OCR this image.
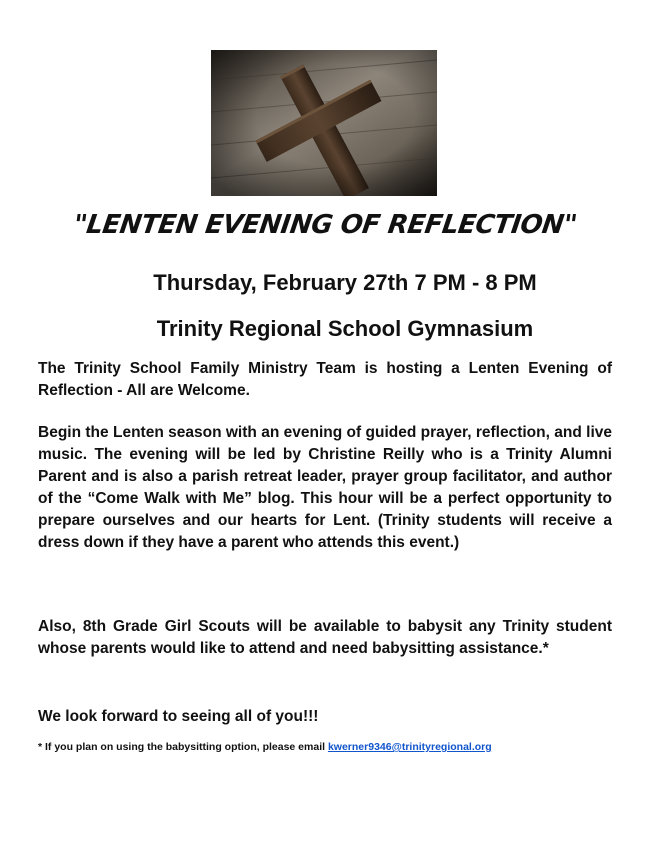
"LENTEN EVENING OF REFLECTION"
Thursday, February 27th 7 PM - 8 PM
Trinity Regional School Gymnasium

The Trinity School Family Ministry Team is hosting a Lenten Evening of Reflection - All are Welcome.

Begin the Lenten season with an evening of guided prayer, reflection, and live music. The evening will be led by Christine Reilly who is a Trinity Alumni Parent and is also a parish retreat leader, prayer group facilitator, and author of the “Come Walk with Me” blog. This hour will be a perfect opportunity to prepare ourselves and our hearts for Lent. (Trinity students will receive a dress down if they have a parent who attends this event.)

Also, 8th Grade Girl Scouts will be available to babysit any Trinity student whose parents would like to attend and need babysitting assistance.*

We look forward to seeing all of you!!!

* If you plan on using the babysitting option, please email kwerner9346@trinityregional.org
